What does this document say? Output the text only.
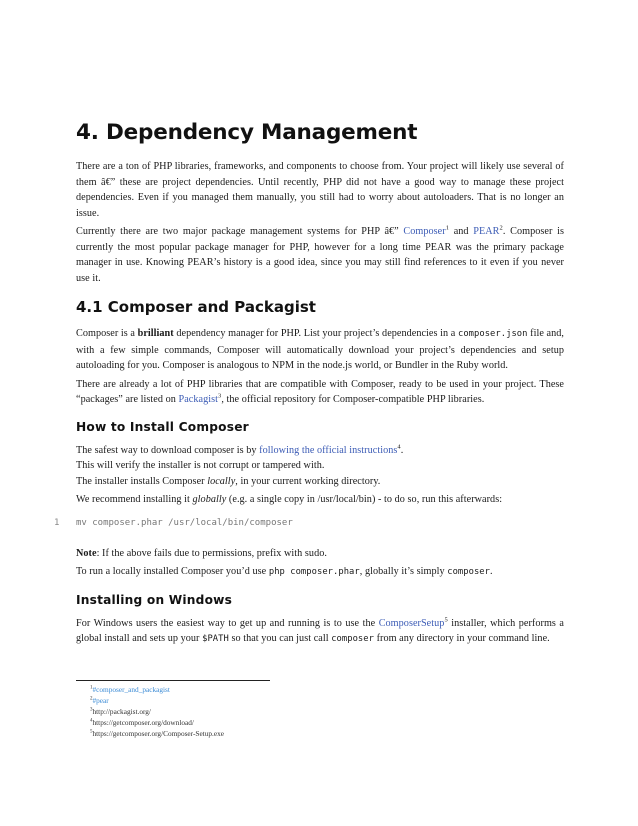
4. Dependency Management

There are a ton of PHP libraries, frameworks, and components to choose from. Your project will likely use several of them â€” these are project dependencies. Until recently, PHP did not have a good way to manage these project dependencies. Even if you managed them manually, you still had to worry about autoloaders. That is no longer an issue.

Currently there are two major package management systems for PHP â€” Composer$^1$ and PEAR$^2$. Composer is currently the most popular package manager for PHP, however for a long time PEAR was the primary package manager in use. Knowing PEAR’s history is a good idea, since you may still find references to it even if you never use it.

4.1 Composer and Packagist

Composer is a brilliant dependency manager for PHP. List your project’s dependencies in a composer.json file and, with a few simple commands, Composer will automatically download your project’s dependencies and setup autoloading for you. Composer is analogous to NPM in the node.js world, or Bundler in the Ruby world.

There are already a lot of PHP libraries that are compatible with Composer, ready to be used in your project. These “packages” are listed on Packagist$^3$, the official repository for Composer-compatible PHP libraries.

How to Install Composer

The safest way to download composer is by following the official instructions$^4$.
This will verify the installer is not corrupt or tampered with.
The installer installs Composer locally, in your current working directory.

We recommend installing it globally (e.g. a single copy in /usr/local/bin) - to do so, run this afterwards:

1 mv composer.phar /usr/local/bin/composer

Note: If the above fails due to permissions, prefix with sudo.

To run a locally installed Composer you’d use php composer.phar, globally it’s simply composer.

Installing on Windows

For Windows users the easiest way to get up and running is to use the ComposerSetup$^5$ installer, which performs a global install and sets up your $PATH so that you can just call composer from any directory in your command line.

$^1$#composer_and_packagist
$^2$#pear
$^3$http://packagist.org/
$^4$https://getcomposer.org/download/
$^5$https://getcomposer.org/Composer-Setup.exe
